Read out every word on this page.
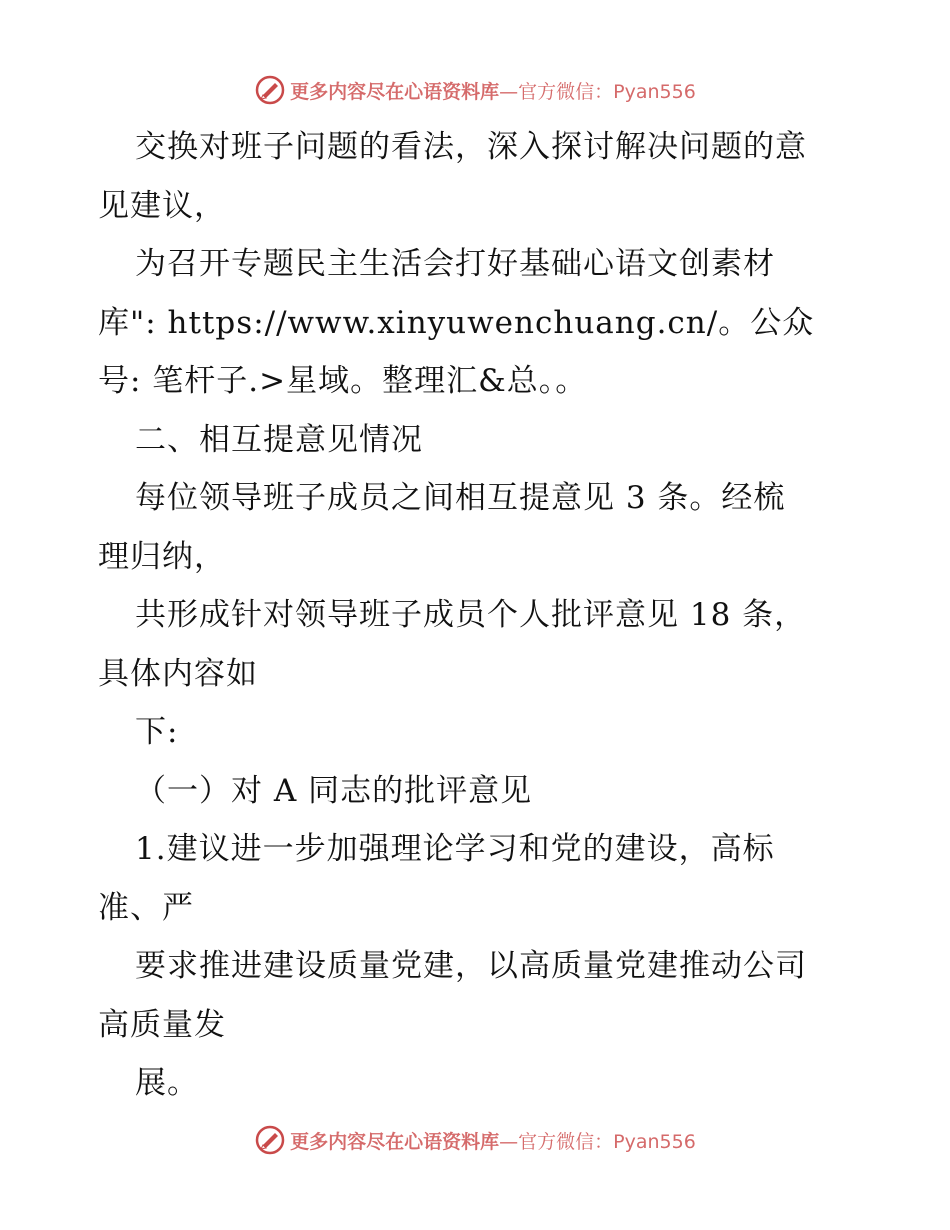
更多内容尽在心语资料库—官方微信：Pyan556
交换对班子问题的看法，深入探讨解决问题的意
见建议，
为召开专题民主生活会打好基础心语文创素材
库": https://www.xinyuwenchuang.cn/。公众
号: 笔杆子.>星域。整理汇&总。。
二、相互提意见情况
每位领导班子成员之间相互提意见 3 条。经梳
理归纳，
共形成针对领导班子成员个人批评意见 18 条，
具体内容如
下:
（一）对 A 同志的批评意见
1.建议进一步加强理论学习和党的建设，高标
准、严
要求推进建设质量党建，以高质量党建推动公司
高质量发
展。
更多内容尽在心语资料库—官方微信：Pyan556
